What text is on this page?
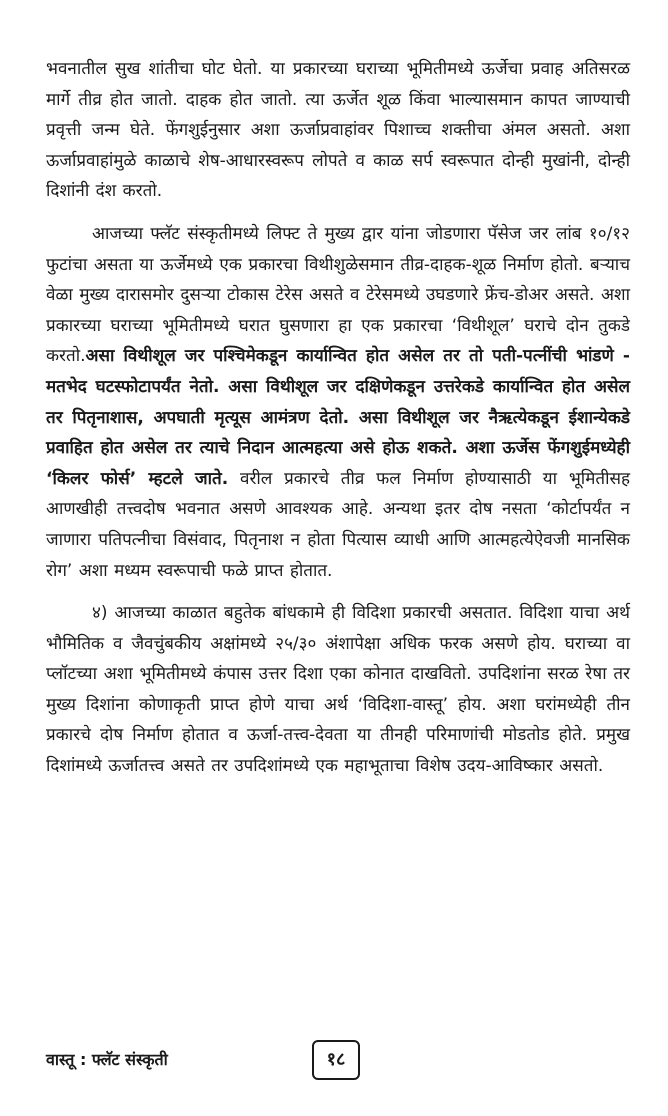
भवनातील सुख शांतीचा घोट घेतो. या प्रकारच्या घराच्या भूमितीमध्ये ऊर्जेचा प्रवाह अतिसरळ मार्गे तीव्र होत जातो. दाहक होत जातो. त्या ऊर्जेत शूळ किंवा भाल्यासमान कापत जाण्याची प्रवृत्ती जन्म घेते. फेंगशुईनुसार अशा ऊर्जाप्रवाहांवर पिशाच्च शक्तीचा अंमल असतो. अशा ऊर्जाप्रवाहांमुळे काळाचे शेष-आधारस्वरूप लोपते व काळ सर्प स्वरूपात दोन्ही मुखांनी, दोन्ही दिशांनी दंश करतो.

आजच्या फ्लॅट संस्कृतीमध्ये लिफ्ट ते मुख्य द्वार यांना जोडणारा पॅसेज जर लांब १०/१२ फुटांचा असता या ऊर्जेमध्ये एक प्रकारचा विथीशुळेसमान तीव्र-दाहक-शूळ निर्माण होतो. बऱ्याच वेळा मुख्य दारासमोर दुसऱ्या टोकास टेरेस असते व टेरेसमध्ये उघडणारे फ्रेंच-डोअर असते. अशा प्रकारच्या घराच्या भूमितीमध्ये घरात घुसणारा हा एक प्रकारचा ‘विथीशूल’ घराचे दोन तुकडे करतो.असा विथीशूल जर पश्चिमेकडून कार्यान्वित होत असेल तर तो पती-पत्नींची भांडणे - मतभेद घटस्फोटापर्यंत नेतो. असा विथीशूल जर दक्षिणेकडून उत्तरेकडे कार्यान्वित होत असेल तर पितृनाशास, अपघाती मृत्यूस आमंत्रण देतो. असा विथीशूल जर नैऋत्येकडून ईशान्येकडे प्रवाहित होत असेल तर त्याचे निदान आत्महत्या असे होऊ शकते. अशा ऊर्जेस फेंगशुईमध्येही ‘किलर फोर्स’ म्हटले जाते. वरील प्रकारचे तीव्र फल निर्माण होण्यासाठी या भूमितीसह आणखीही तत्त्वदोष भवनात असणे आवश्यक आहे. अन्यथा इतर दोष नसता ‘कोर्टापर्यंत न जाणारा पतिपत्नीचा विसंवाद, पितृनाश न होता पित्यास व्याधी आणि आत्महत्येऐवजी मानसिक रोग’ अशा मध्यम स्वरूपाची फळे प्राप्त होतात.

४) आजच्या काळात बहुतेक बांधकामे ही विदिशा प्रकारची असतात. विदिशा याचा अर्थ भौमितिक व जैवचुंबकीय अक्षांमध्ये २५/३० अंशापेक्षा अधिक फरक असणे होय. घराच्या वा प्लॉटच्या अशा भूमितीमध्ये कंपास उत्तर दिशा एका कोनात दाखवितो. उपदिशांना सरळ रेषा तर मुख्य दिशांना कोणाकृती प्राप्त होणे याचा अर्थ ‘विदिशा-वास्तू’ होय. अशा घरांमध्येही तीन प्रकारचे दोष निर्माण होतात व ऊर्जा-तत्त्व-देवता या तीनही परिमाणांची मोडतोड होते. प्रमुख दिशांमध्ये ऊर्जातत्त्व असते तर उपदिशांमध्ये एक महाभूताचा विशेष उदय-आविष्कार असतो.

वास्तू : फ्लॅट संस्कृती	१८
